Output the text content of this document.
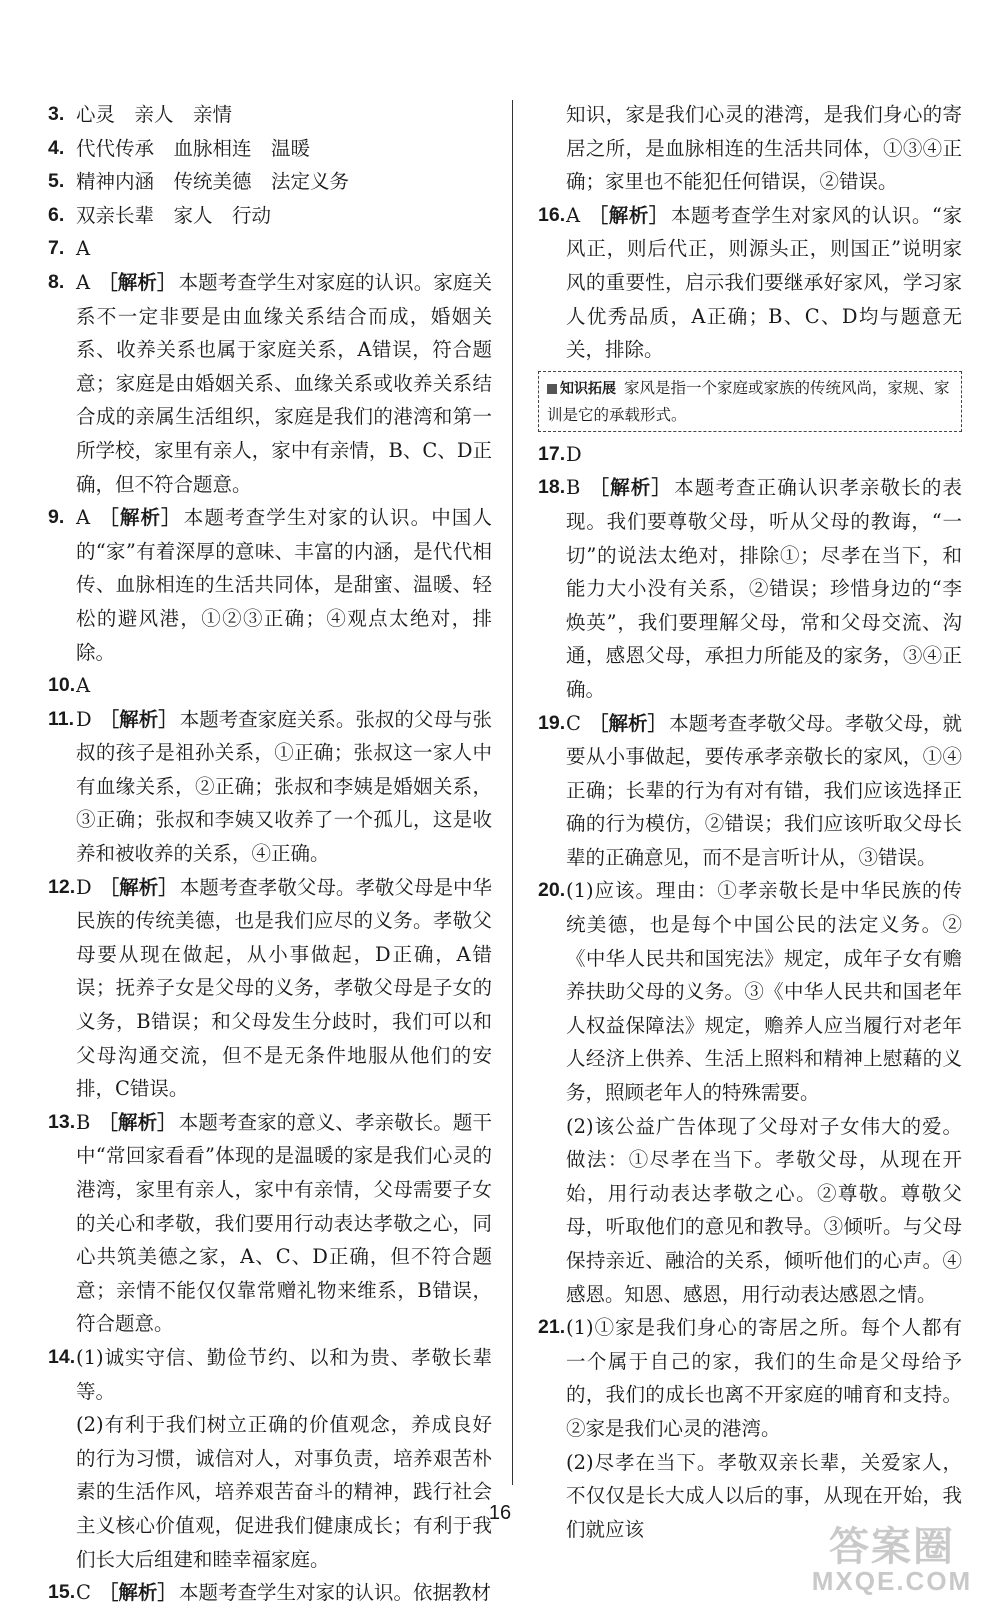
3. 心灵　亲人　亲情
4. 代代传承　血脉相连　温暖
5. 精神内涵　传统美德　法定义务
6. 双亲长辈　家人　行动
7. A
8. A ［解析］ 本题考查学生对家庭的认识。家庭关系不一定非要是由血缘关系结合而成，婚姻关系、收养关系也属于家庭关系，A错误，符合题意；家庭是由婚姻关系、血缘关系或收养关系结合成的亲属生活组织，家庭是我们的港湾和第一所学校，家里有亲人，家中有亲情，B、C、D正确，但不符合题意。
9. A ［解析］ 本题考查学生对家的认识。中国人的“家”有着深厚的意味、丰富的内涵，是代代相传、血脉相连的生活共同体，是甜蜜、温暖、轻松的避风港，①②③正确；④观点太绝对，排除。
10. A
11. D ［解析］ 本题考查家庭关系。张叔的父母与张叔的孩子是祖孙关系，①正确；张叔这一家人中有血缘关系，②正确；张叔和李姨是婚姻关系，③正确；张叔和李姨又收养了一个孤儿，这是收养和被收养的关系，④正确。
12. D ［解析］ 本题考查孝敬父母。孝敬父母是中华民族的传统美德，也是我们应尽的义务。孝敬父母要从现在做起，从小事做起，D正确，A错误；抚养子女是父母的义务，孝敬父母是子女的义务，B错误；和父母发生分歧时，我们可以和父母沟通交流，但不是无条件地服从他们的安排，C错误。
13. B ［解析］ 本题考查家的意义、孝亲敬长。题干中“常回家看看”体现的是温暖的家是我们心灵的港湾，家里有亲人，家中有亲情，父母需要子女的关心和孝敬，我们要用行动表达孝敬之心，同心共筑美德之家，A、C、D正确，但不符合题意；亲情不能仅仅靠常赠礼物来维系，B错误，符合题意。
14. (1)诚实守信、勤俭节约、以和为贵、孝敬长辈等。
(2)有利于我们树立正确的价值观念，养成良好的行为习惯，诚信对人，对事负责，培养艰苦朴素的生活作风，培养艰苦奋斗的精神，践行社会主义核心价值观，促进我们健康成长；有利于我们长大后组建和睦幸福家庭。
15. C ［解析］ 本题考查学生对家的认识。依据教材
知识，家是我们心灵的港湾，是我们身心的寄居之所，是血脉相连的生活共同体，①③④正确；家里也不能犯任何错误，②错误。
16. A ［解析］ 本题考查学生对家风的认识。“家风正，则后代正，则源头正，则国正”说明家风的重要性，启示我们要继承好家风，学习家人优秀品质，A正确；B、C、D均与题意无关，排除。
知识拓展 家风是指一个家庭或家族的传统风尚，家规、家训是它的承载形式。
17. D
18. B ［解析］ 本题考查正确认识孝亲敬长的表现。我们要尊敬父母，听从父母的教诲，“一切”的说法太绝对，排除①；尽孝在当下，和能力大小没有关系，②错误；珍惜身边的“李焕英”，我们要理解父母，常和父母交流、沟通，感恩父母，承担力所能及的家务，③④正确。
19. C ［解析］ 本题考查孝敬父母。孝敬父母，就要从小事做起，要传承孝亲敬长的家风，①④正确；长辈的行为有对有错，我们应该选择正确的行为模仿，②错误；我们应该听取父母长辈的正确意见，而不是言听计从，③错误。
20. (1)应该。理由：①孝亲敬长是中华民族的传统美德，也是每个中国公民的法定义务。②《中华人民共和国宪法》规定，成年子女有赡养扶助父母的义务。③《中华人民共和国老年人权益保障法》规定，赡养人应当履行对老年人经济上供养、生活上照料和精神上慰藉的义务，照顾老年人的特殊需要。
(2)该公益广告体现了父母对子女伟大的爱。做法：①尽孝在当下。孝敬父母，从现在开始，用行动表达孝敬之心。②尊敬。尊敬父母，听取他们的意见和教导。③倾听。与父母保持亲近、融洽的关系，倾听他们的心声。④感恩。知恩、感恩，用行动表达感恩之情。
21. (1)①家是我们身心的寄居之所。每个人都有一个属于自己的家，我们的生命是父母给予的，我们的成长也离不开家庭的哺育和支持。②家是我们心灵的港湾。
(2)尽孝在当下。孝敬双亲长辈，关爱家人，不仅仅是长大成人以后的事，从现在开始，我们就应该
16
答案圈
MXQE.COM
